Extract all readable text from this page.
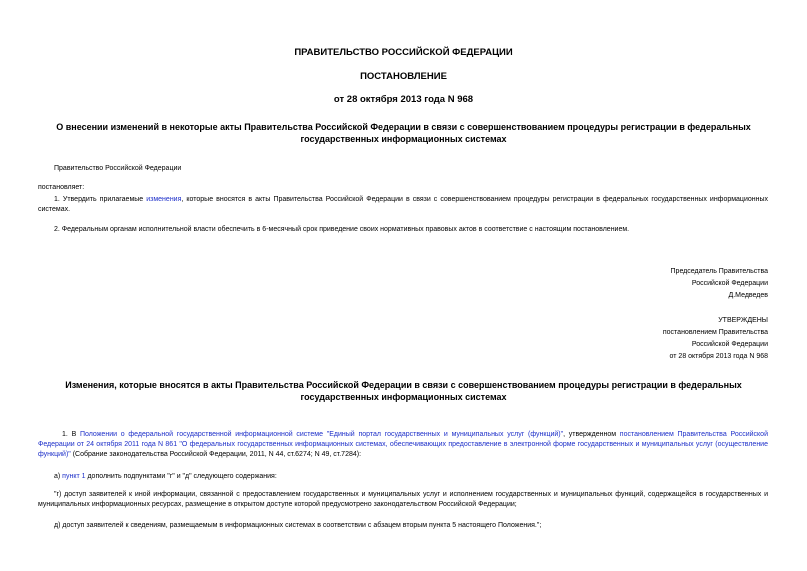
ПРАВИТЕЛЬСТВО РОССИЙСКОЙ ФЕДЕРАЦИИ
ПОСТАНОВЛЕНИЕ
от 28 октября 2013 года N 968
О внесении изменений в некоторые акты Правительства Российской Федерации в связи с совершенствованием процедуры регистрации в федеральных государственных информационных системах
Правительство Российской Федерации
постановляет:
1. Утвердить прилагаемые изменения, которые вносятся в акты Правительства Российской Федерации в связи с совершенствованием процедуры регистрации в федеральных государственных информационных системах.
2. Федеральным органам исполнительной власти обеспечить в 6-месячный срок приведение своих нормативных правовых актов в соответствие с настоящим постановлением.
Председатель Правительства
Российской Федерации
Д.Медведев
УТВЕРЖДЕНЫ
постановлением Правительства
Российской Федерации
от 28 октября 2013 года N 968
Изменения, которые вносятся в акты Правительства Российской Федерации в связи с совершенствованием процедуры регистрации в федеральных государственных информационных системах
1. В Положении о федеральной государственной информационной системе "Единый портал государственных и муниципальных услуг (функций)", утвержденном постановлением Правительства Российской Федерации от 24 октября 2011 года N 861 "О федеральных государственных информационных системах, обеспечивающих предоставление в электронной форме государственных и муниципальных услуг (осуществление функций)" (Собрание законодательства Российской Федерации, 2011, N 44, ст.6274; N 49, ст.7284):
а) пункт 1 дополнить подпунктами "г" и "д" следующего содержания:
"г) доступ заявителей к иной информации, связанной с предоставлением государственных и муниципальных услуг и исполнением государственных и муниципальных функций, содержащейся в государственных и муниципальных информационных ресурсах, размещение в открытом доступе которой предусмотрено законодательством Российской Федерации;
д) доступ заявителей к сведениям, размещаемым в информационных системах в соответствии с абзацем вторым пункта 5 настоящего Положения.";
